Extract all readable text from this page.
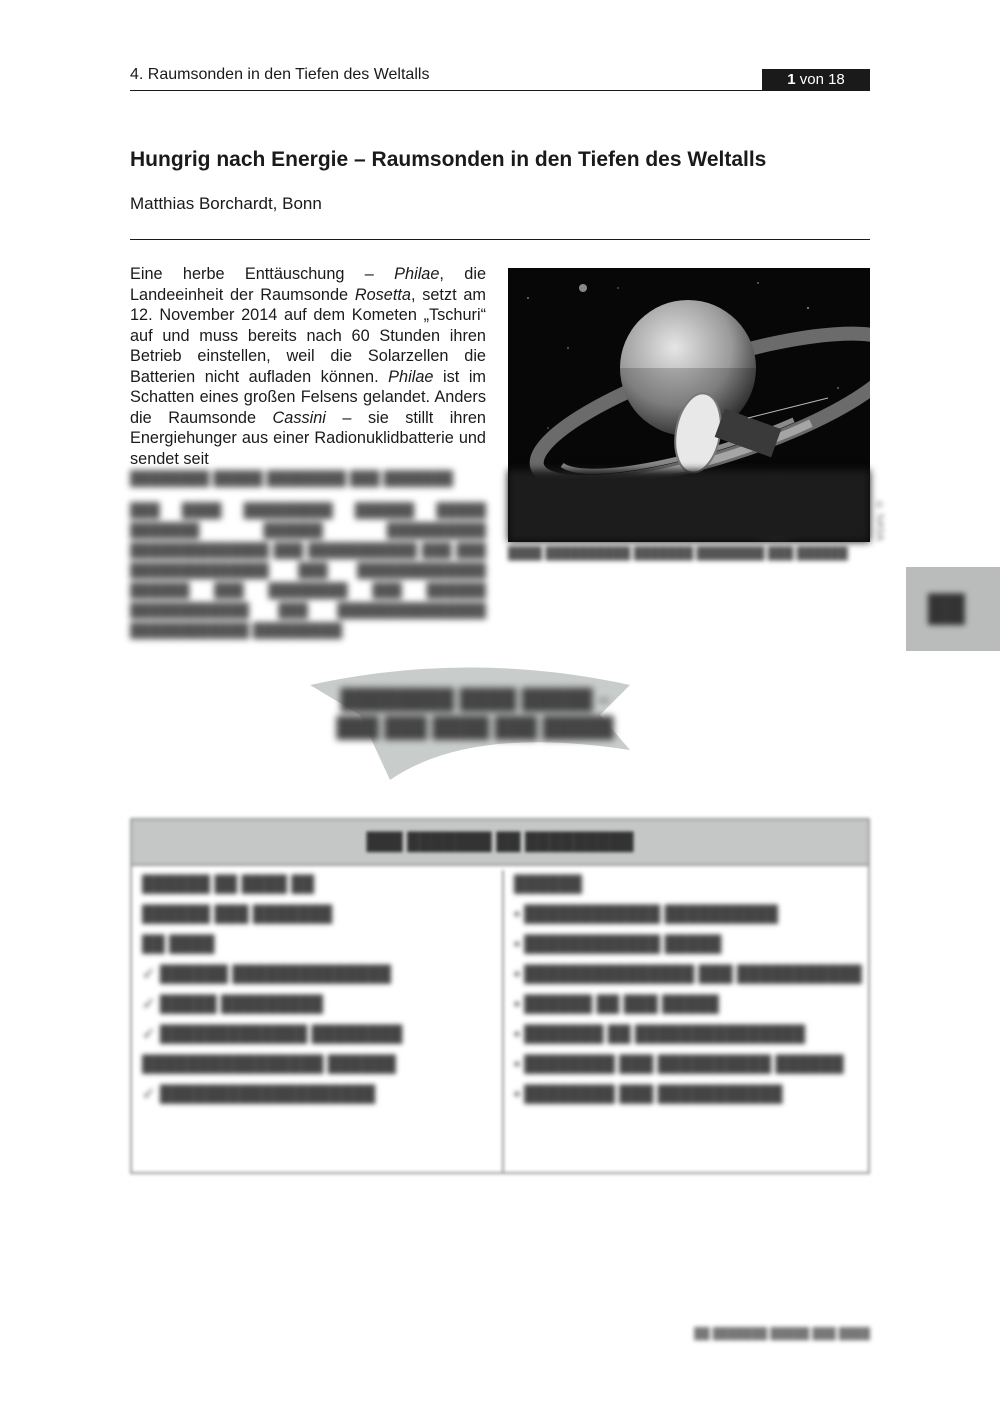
4. Raumsonden in den Tiefen des Weltalls	1 von 18
Hungrig nach Energie – Raumsonden in den Tiefen des Weltalls
Matthias Borchardt, Bonn

Eine herbe Enttäuschung – Philae, die Landeeinheit der Raumsonde Rosetta, setzt am 12. November 2014 auf dem Kometen „Tschuri“ auf und muss bereits nach 60 Stunden ihren Betrieb einstellen, weil die Solarzellen die Batterien nicht aufladen können. Philae ist im Schatten eines großen Felsens gelandet. Anders die Raumsonde Cassini – sie stillt ihren Energiehunger aus einer Radionuklidbatterie und sendet seit

████████ █████ ████████ ███ ███████
███ ████ █████████ ██████ █████ ███████ ██████ ██████████ ██████████████ ███ ███████████ ███ ███ ██████████████ ███ █████████████ ██████ ███ ████████ ███ ██████ ████████████ ███ ███████████████ ████████████ █████████
© NASA
████ ██████████ ███████ ████████ ███ ██████
██
████████ ████ █████ –
███ ███ ████ ███ █████
███ ███████ ██ █████████
██████ ██ ████ ██
██████ ███ ███████
██ ████
✓ ██████ ██████████████
✓ █████ █████████
✓ █████████████ ████████
████████████████ ██████
✓ ███████████████████
██████
▪ ████████████ ██████████
▪ ████████████ █████
▪ ███████████████ ███ ███████████
▪ ██████ ██ ███ █████
▪ ███████ ██ ███████████████
▪ ████████ ███ ██████████ ██████
▪ ████████ ███ ███████████
██ ███████ █████ ███ ████
